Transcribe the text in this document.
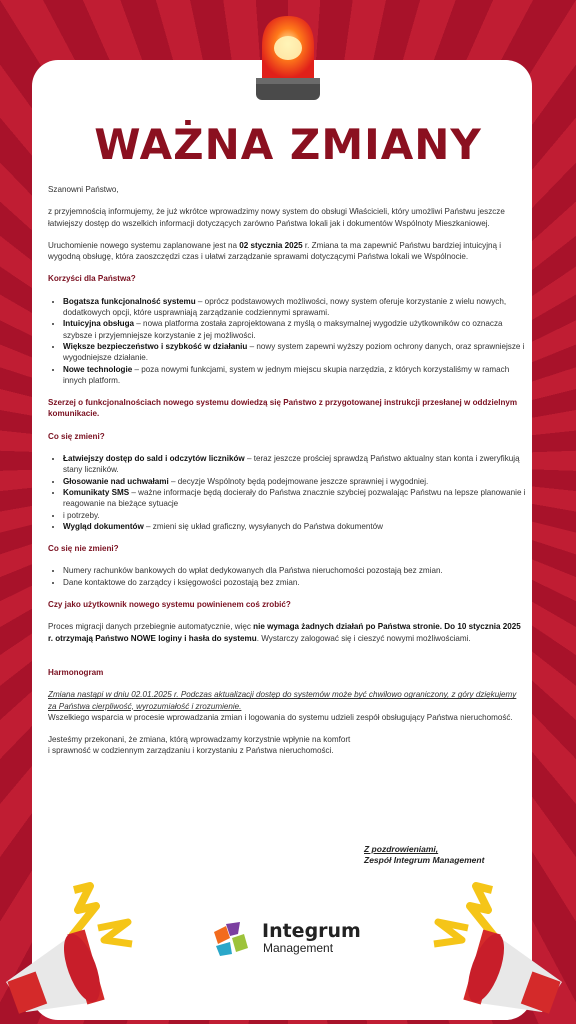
WAŻNA ZMIANY

Szanowni Państwo,

z przyjemnością informujemy, że już wkrótce wprowadzimy nowy system do obsługi Właścicieli, który umożliwi Państwu jeszcze łatwiejszy dostęp do wszelkich informacji dotyczących zarówno Państwa lokali jak i dokumentów Wspólnoty Mieszkaniowej.

Uruchomienie nowego systemu zaplanowane jest na 02 stycznia 2025 r. Zmiana ta ma zapewnić Państwu bardziej intuicyjną i wygodną obsługę, która zaoszczędzi czas i ułatwi zarządzanie sprawami dotyczącymi Państwa lokali we Wspólnocie.

Korzyści dla Państwa?
• Bogatsza funkcjonalność systemu – oprócz podstawowych możliwości, nowy system oferuje korzystanie z wielu nowych, dodatkowych opcji, które usprawniają zarządzanie codziennymi sprawami.
• Intuicyjna obsługa – nowa platforma została zaprojektowana z myślą o maksymalnej wygodzie użytkowników co oznacza szybsze i przyjemniejsze korzystanie z jej możliwości.
• Większe bezpieczeństwo i szybkość w działaniu – nowy system zapewni wyższy poziom ochrony danych, oraz sprawniejsze i wygodniejsze działanie.
• Nowe technologie – poza nowymi funkcjami, system w jednym miejscu skupia narzędzia, z których korzystaliśmy w ramach innych platform.

Szerzej o funkcjonalnościach nowego systemu dowiedzą się Państwo z przygotowanej instrukcji przesłanej w oddzielnym komunikacie.

Co się zmieni?
• Łatwiejszy dostęp do sald i odczytów liczników – teraz jeszcze prościej sprawdzą Państwo aktualny stan konta i zweryfikują stany liczników.
• Głosowanie nad uchwałami – decyzje Wspólnoty będą podejmowane jeszcze sprawniej i wygodniej.
• Komunikaty SMS – ważne informacje będą docierały do Państwa znacznie szybciej pozwalając Państwu na lepsze planowanie i reagowanie na bieżące sytuacje
• i potrzeby.
• Wygląd dokumentów – zmieni się układ graficzny, wysyłanych do Państwa dokumentów
Co się nie zmieni?
• Numery rachunków bankowych do wpłat dedykowanych dla Państwa nieruchomości pozostają bez zmian.
• Dane kontaktowe do zarządcy i księgowości pozostają bez zmian.
Czy jako użytkownik nowego systemu powinienem coś zrobić?

Proces migracji danych przebiegnie automatycznie, więc nie wymaga żadnych działań po Państwa stronie. Do 10 stycznia 2025 r. otrzymają Państwo NOWE loginy i hasła do systemu. Wystarczy zalogować się i cieszyć nowymi możliwościami.

Harmonogram

Zmiana nastąpi w dniu 02.01.2025 r. Podczas aktualizacji dostęp do systemów może być chwilowo ograniczony, z góry dziękujemy za Państwa cierpliwość, wyrozumiałość i zrozumienie.
Wszelkiego wsparcia w procesie wprowadzania zmian i logowania do systemu udzieli zespół obsługujący Państwa nieruchomość.

Jesteśmy przekonani, że zmiana, którą wprowadzamy korzystnie wpłynie na komfort
i sprawność w codziennym zarządzaniu i korzystaniu z Państwa nieruchomości.

Z pozdrowieniami,
Zespół Integrum Management
Integrum
Management
